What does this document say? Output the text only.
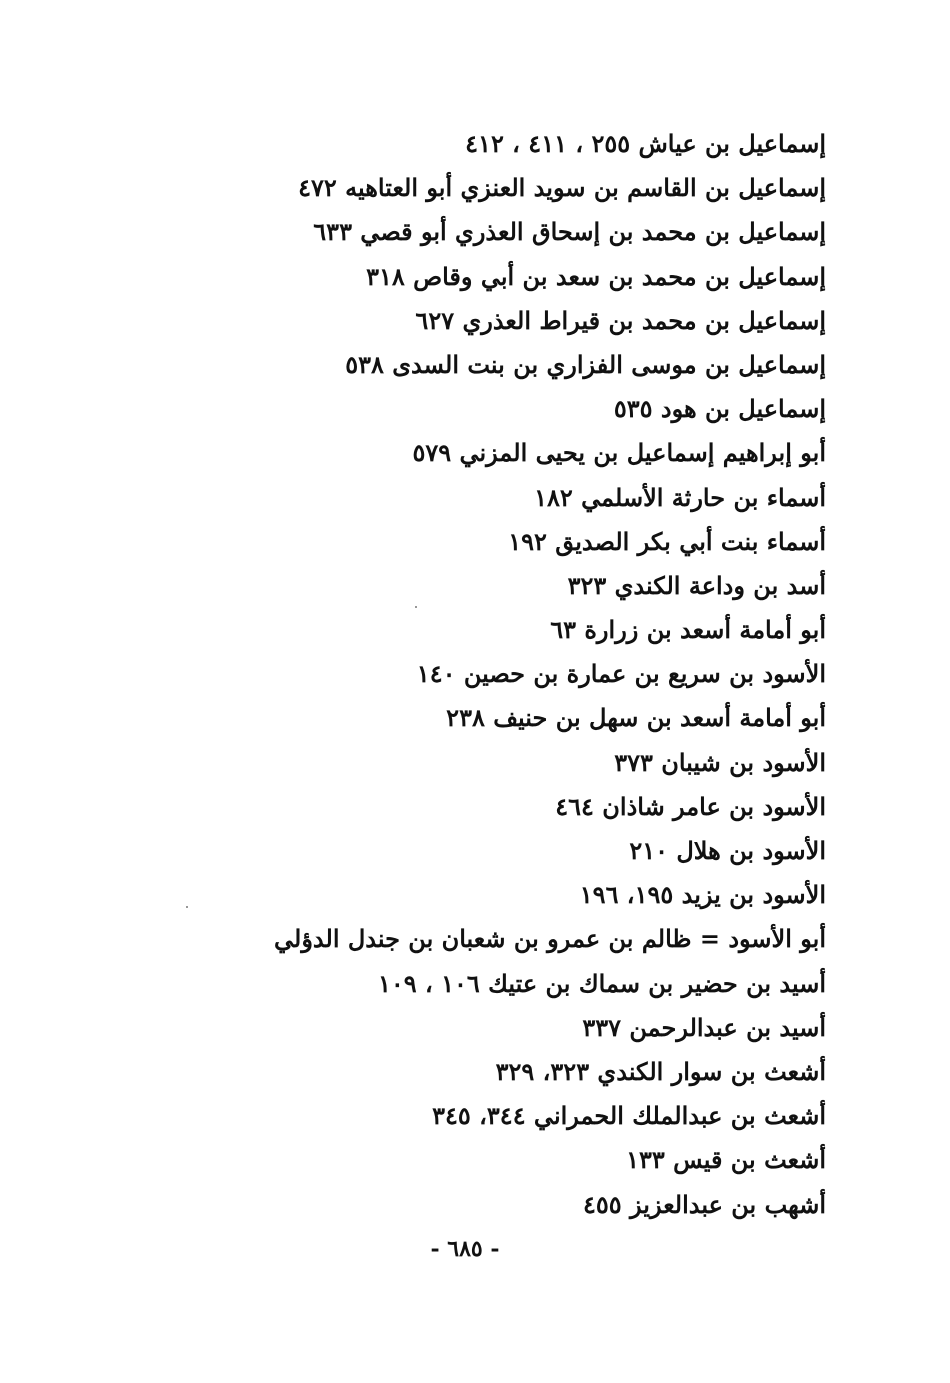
إسماعيل بن عياش ٢٥٥ ، ٤١١ ، ٤١٢
إسماعيل بن القاسم بن سويد العنزي أبو العتاهيه ٤٧٢
إسماعيل بن محمد بن إسحاق العذري أبو قصي ٦٣٣
إسماعيل بن محمد بن سعد بن أبي وقاص ٣١٨
إسماعيل بن محمد بن قيراط العذري ٦٢٧
إسماعيل بن موسى الفزاري بن بنت السدى ٥٣٨
إسماعيل بن هود ٥٣٥
أبو إبراهيم إسماعيل بن يحيى المزني ٥٧٩
أسماء بن حارثة الأسلمي ١٨٢
أسماء بنت أبي بكر الصديق ١٩٢
أسد بن وداعة الكندي ٣٢٣
أبو أمامة أسعد بن زرارة ٦٣
الأسود بن سريع بن عمارة بن حصين ١٤٠
أبو أمامة أسعد بن سهل بن حنيف ٢٣٨
الأسود بن شيبان ٣٧٣
الأسود بن عامر شاذان ٤٦٤
الأسود بن هلال ٢١٠
الأسود بن يزيد ١٩٥، ١٩٦
أبو الأسود = ظالم بن عمرو بن شعبان بن جندل الدؤلي
أسيد بن حضير بن سماك بن عتيك ١٠٦ ، ١٠٩
أسيد بن عبدالرحمن ٣٣٧
أشعث بن سوار الكندي ٣٢٣، ٣٢٩
أشعث بن عبدالملك الحمراني ٣٤٤، ٣٤٥
أشعث بن قيس ١٣٣
أشهب بن عبدالعزيز ٤٥٥
- ٦٨٥ -
